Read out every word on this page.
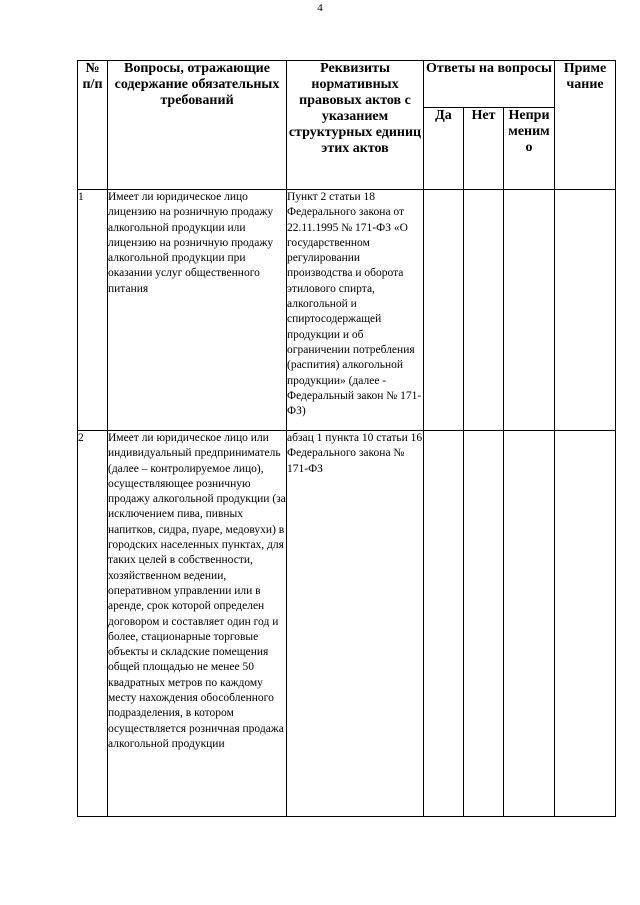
4
№ п/п	Вопросы, отражающие содержание обязательных требований	Реквизиты нормативных правовых актов с указанием структурных единиц этих актов	Ответы на вопросы			Приме чание
			Да	Нет	Непри меним о	
1	Имеет ли юридическое лицо лицензию на розничную продажу алкогольной продукции или лицензию на розничную продажу алкогольной продукции при оказании услуг общественного питания	Пункт 2 статьи 18 Федерального закона от 22.11.1995 № 171-ФЗ «О государственном регулировании производства и оборота этилового спирта, алкогольной и спиртосодержащей продукции и об ограничении потребления (распития) алкогольной продукции» (далее - Федеральный закон № 171-ФЗ)				
2	Имеет ли юридическое лицо или индивидуальный предприниматель (далее – контролируемое лицо), осуществляющее розничную продажу алкогольной продукции (за исключением пива, пивных напитков, сидра, пуаре, медовухи) в городских населенных пунктах, для таких целей в собственности, хозяйственном ведении, оперативном управлении или в аренде, срок которой определен договором и составляет один год и более, стационарные торговые объекты и складские помещения общей площадью не менее 50 квадратных метров по каждому месту нахождения обособленного подразделения, в котором осуществляется розничная продажа алкогольной продукции	абзац 1 пункта 10 статьи 16 Федерального закона № 171-ФЗ				
